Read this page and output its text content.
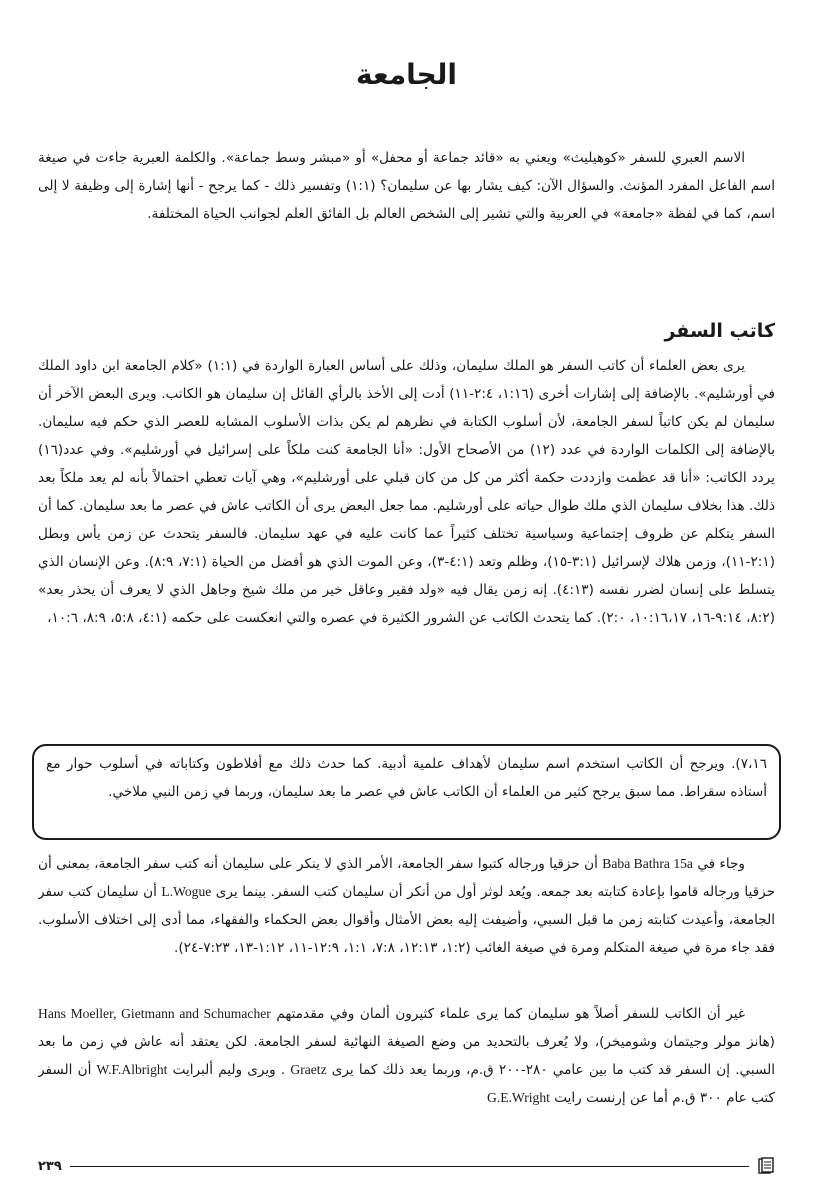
الجامعة

الاسم العبري للسفر «كوهيليث» ويعني به «قائد جماعة أو محفل» أو «مبشر وسط جماعة». والكلمة العبرية جاءت في صيغة اسم الفاعل المفرد المؤنث. والسؤال الآن: كيف يشار بها عن سليمان؟ (١:١) وتفسير ذلك - كما يرجح - أنها إشارة إلى وظيفة لا إلى اسم، كما في لفظة «جامعة» في العربية والتي تشير إلى الشخص العالم بل الفائق العلم لجوانب الحياة المختلفة.

كاتب السفر

يرى بعض العلماء أن كاتب السفر هو الملك سليمان، وذلك على أساس العبارة الواردة في (١:١) «كلام الجامعة ابن داود الملك في أورشليم». بالإضافة إلى إشارات أخرى (١:١٦، ٢:٤-١١) أدت إلى الأخذ بالرأي القائل إن سليمان هو الكاتب. ويرى البعض الآخر أن سليمان لم يكن كاتباً لسفر الجامعة، لأن أسلوب الكتابة في نظرهم لم يكن بذات الأسلوب المشابه للعصر الذي حكم فيه سليمان. بالإضافة إلى الكلمات الواردة في عدد (١٢) من الأصحاح الأول: «أنا الجامعة كنت ملكاً على إسرائيل في أورشليم». وفي عدد(١٦) يردد الكاتب: «أنا قد عظمت وازددت حكمة أكثر من كل من كان قبلي على أورشليم»، وهي آيات تعطي احتمالاً بأنه لم يعد ملكاً بعد ذلك. هذا بخلاف سليمان الذي ملك طوال حياته على أورشليم. مما جعل البعض يرى أن الكاتب عاش في عصر ما بعد سليمان. كما أن السفر يتكلم عن ظروف إجتماعية وسياسية تختلف كثيراً عما كانت عليه في عهد سليمان. فالسفر يتحدث عن زمن يأس وبطل (٢:١-١١)، وزمن هلاك لإسرائيل (٣:١-١٥)، وظلم وتعد (٤:١-٣)، وعن الموت الذي هو أفضل من الحياة (٧:١، ٨:٩). وعن الإنسان الذي يتسلط على إنسان لضرر نفسه (٤:١٣). إنه زمن يقال فيه «ولد فقير وعاقل خير من ملك شيخ وجاهل الذي لا يعرف أن يحذر بعد» (٨:٢، ٩:١٤-١٦، ١٠:١٦،١٧، ٢:٠). كما يتحدث الكاتب عن الشرور الكثيرة في عصره والتي انعكست على حكمه (٤:١، ٥:٨، ٨:٩، ١٠:٦،

٧،١٦). ويرجح أن الكاتب استخدم اسم سليمان لأهداف علمية أدبية. كما حدث ذلك مع أفلاطون وكتاباته في أسلوب حوار مع أستاذه سقراط. مما سبق يرجح كثير من العلماء أن الكاتب عاش في عصر ما بعد سليمان، وربما في زمن النبي ملاخي.

وجاء في Baba Bathra 15a أن حزقيا ورجاله كتبوا سفر الجامعة، الأمر الذي لا ينكر على سليمان أنه كتب سفر الجامعة، بمعنى أن حزقيا ورجاله قاموا بإعادة كتابته بعد جمعه. ويُعد لوثر أول من أنكر أن سليمان كتب السفر. بينما يرى L.Wogue أن سليمان كتب سفر الجامعة، وأعيدت كتابته زمن ما قبل السبي، وأضيفت إليه بعض الأمثال وأقوال بعض الحكماء والفقهاء، مما أدى إلى اختلاف الأسلوب. فقد جاء مرة في صيغة المتكلم ومرة في صيغة الغائب (١:٢، ١٢:١٣، ٧:٨، ١:١، ١٢:٩-١١، ١:١٢-١٣، ٧:٢٣-٢٤).

غير أن الكاتب للسفر أصلاً هو سليمان كما يرى علماء كثيرون ألمان وفي مقدمتهم Hans Moeller, Gietmann and Schumacher (هانز مولر وجيتمان وشوميخر)، ولا يُعرف بالتحديد من وضع الصيغة النهائية لسفر الجامعة. لكن يعتقد أنه عاش في زمن ما بعد السبي. إن السفر قد كتب ما بين عامي ٢٨٠-٢٠٠ ق.م، وربما يعد ذلك كما يرى Graetz . ويرى وليم ألبرايت W.F.Albright أن السفر كتب عام ٣٠٠ ق.م أما عن إرنست رايت G.E.Wright

٢٣٩
